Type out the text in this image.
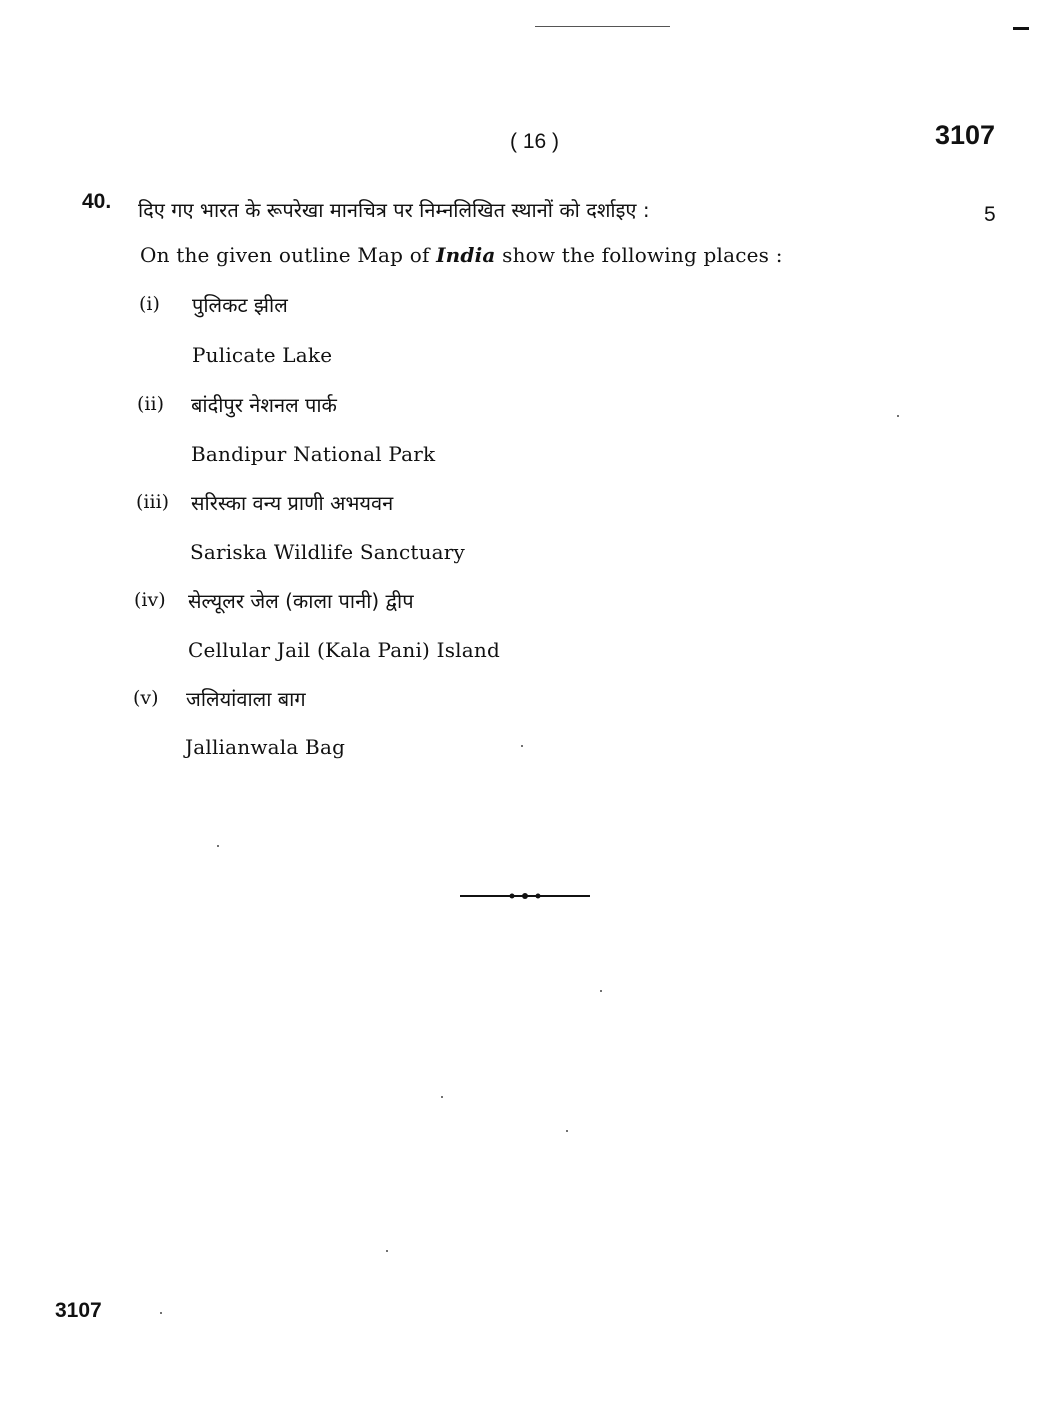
( 16 )	3107
40. दिए गए भारत के रूपरेखा मानचित्र पर निम्नलिखित स्थानों को दर्शाइए :	5
On the given outline Map of India show the following places :
(i) पुलिकट झील
Pulicate Lake
(ii) बांदीपुर नेशनल पार्क
Bandipur National Park
(iii) सरिस्का वन्य प्राणी अभयवन
Sariska Wildlife Sanctuary
(iv) सेल्यूलर जेल (काला पानी) द्वीप
Cellular Jail (Kala Pani) Island
(v) जलियांवाला बाग
Jallianwala Bag
3107
